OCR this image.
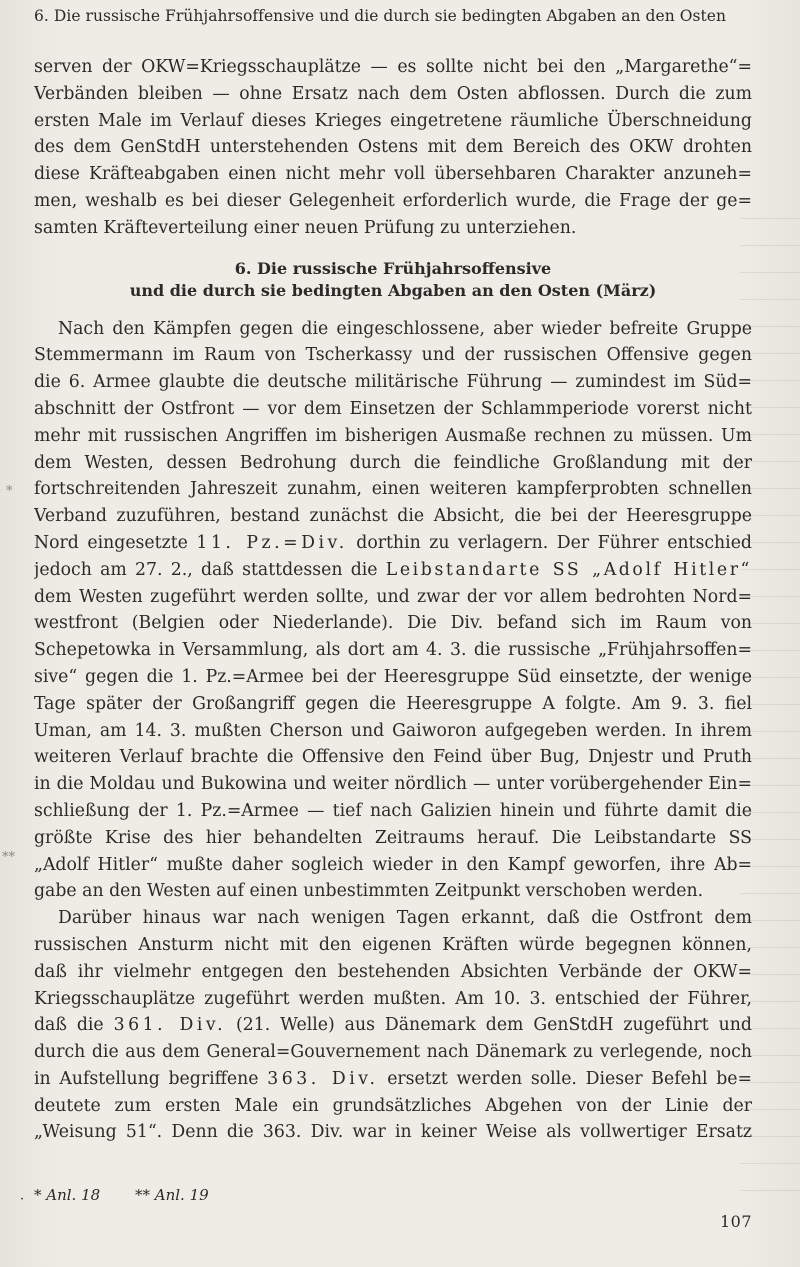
6. Die russische Frühjahrsoffensive und die durch sie bedingten Abgaben an den Osten
*
**
serven der OKW=Kriegsschauplätze — es sollte nicht bei den „Margarethe“=
Verbänden bleiben — ohne Ersatz nach dem Osten abflossen. Durch die zum
ersten Male im Verlauf dieses Krieges eingetretene räumliche Überschneidung
des dem GenStdH unterstehenden Ostens mit dem Bereich des OKW drohten
diese Kräfteabgaben einen nicht mehr voll übersehbaren Charakter anzuneh=
men, weshalb es bei dieser Gelegenheit erforderlich wurde, die Frage der ge=
samten Kräfteverteilung einer neuen Prüfung zu unterziehen.
6. Die russische Frühjahrsoffensive
und die durch sie bedingten Abgaben an den Osten (März)
Nach den Kämpfen gegen die eingeschlossene, aber wieder befreite Gruppe
Stemmermann im Raum von Tscherkassy und der russischen Offensive gegen
die 6. Armee glaubte die deutsche militärische Führung — zumindest im Süd=
abschnitt der Ostfront — vor dem Einsetzen der Schlammperiode vorerst nicht
mehr mit russischen Angriffen im bisherigen Ausmaße rechnen zu müssen. Um
dem Westen, dessen Bedrohung durch die feindliche Großlandung mit der
fortschreitenden Jahreszeit zunahm, einen weiteren kampferprobten schnellen
Verband zuzuführen, bestand zunächst die Absicht, die bei der Heeresgruppe
Nord eingesetzte 11. Pz.=Div. dorthin zu verlagern. Der Führer entschied
jedoch am 27. 2., daß stattdessen die Leibstandarte SS „Adolf Hitler“
dem Westen zugeführt werden sollte, und zwar der vor allem bedrohten Nord=
westfront (Belgien oder Niederlande). Die Div. befand sich im Raum von
Schepetowka in Versammlung, als dort am 4. 3. die russische „Frühjahrsoffen=
sive“ gegen die 1. Pz.=Armee bei der Heeresgruppe Süd einsetzte, der wenige
Tage später der Großangriff gegen die Heeresgruppe A folgte. Am 9. 3. fiel
Uman, am 14. 3. mußten Cherson und Gaiworon aufgegeben werden. In ihrem
weiteren Verlauf brachte die Offensive den Feind über Bug, Dnjestr und Pruth
in die Moldau und Bukowina und weiter nördlich — unter vorübergehender Ein=
schließung der 1. Pz.=Armee — tief nach Galizien hinein und führte damit die
größte Krise des hier behandelten Zeitraums herauf. Die Leibstandarte SS
„Adolf Hitler“ mußte daher sogleich wieder in den Kampf geworfen, ihre Ab=
gabe an den Westen auf einen unbestimmten Zeitpunkt verschoben werden.
Darüber hinaus war nach wenigen Tagen erkannt, daß die Ostfront dem
russischen Ansturm nicht mit den eigenen Kräften würde begegnen können,
daß ihr vielmehr entgegen den bestehenden Absichten Verbände der OKW=
Kriegsschauplätze zugeführt werden mußten. Am 10. 3. entschied der Führer,
daß die 361. Div. (21. Welle) aus Dänemark dem GenStdH zugeführt und
durch die aus dem General=Gouvernement nach Dänemark zu verlegende, noch
in Aufstellung begriffene 363. Div. ersetzt werden solle. Dieser Befehl be=
deutete zum ersten Male ein grundsätzliches Abgehen von der Linie der
„Weisung 51“. Denn die 363. Div. war in keiner Weise als vollwertiger Ersatz
· * Anl. 18 ** Anl. 19
107
